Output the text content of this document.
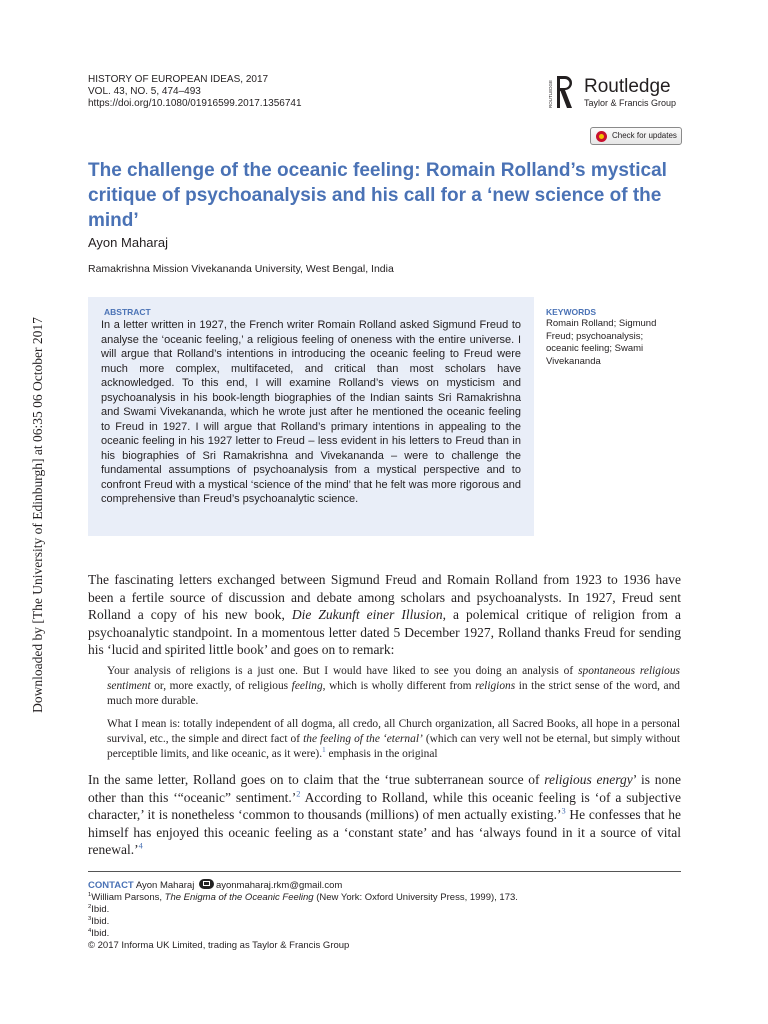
HISTORY OF EUROPEAN IDEAS, 2017
VOL. 43, NO. 5, 474–493
https://doi.org/10.1080/01916599.2017.1356741	ROUTLEDGE Routledge
Taylor & Francis Group
Check for updates
The challenge of the oceanic feeling: Romain Rolland’s mystical critique of psychoanalysis and his call for a ‘new science of the mind’
Ayon Maharaj
Ramakrishna Mission Vivekananda University, West Bengal, India
Downloaded by [The University of Edinburgh] at 06:35 06 October 2017
ABSTRACT
In a letter written in 1927, the French writer Romain Rolland asked Sigmund Freud to analyse the ‘oceanic feeling,’ a religious feeling of oneness with the entire universe. I will argue that Rolland’s intentions in introducing the oceanic feeling to Freud were much more complex, multifaceted, and critical than most scholars have acknowledged. To this end, I will examine Rolland’s views on mysticism and psychoanalysis in his book-length biographies of the Indian saints Sri Ramakrishna and Swami Vivekananda, which he wrote just after he mentioned the oceanic feeling to Freud in 1927. I will argue that Rolland’s primary intentions in appealing to the oceanic feeling in his 1927 letter to Freud – less evident in his letters to Freud than in his biographies of Sri Ramakrishna and Vivekananda – were to challenge the fundamental assumptions of psychoanalysis from a mystical perspective and to confront Freud with a mystical ‘science of the mind’ that he felt was more rigorous and comprehensive than Freud’s psychoanalytic science.
KEYWORDS
Romain Rolland; Sigmund Freud; psychoanalysis; oceanic feeling; Swami Vivekananda

The fascinating letters exchanged between Sigmund Freud and Romain Rolland from 1923 to 1936 have been a fertile source of discussion and debate among scholars and psychoanalysts. In 1927, Freud sent Rolland a copy of his new book, Die Zukunft einer Illusion, a polemical critique of religion from a psychoanalytic standpoint. In a momentous letter dated 5 December 1927, Rolland thanks Freud for sending his ‘lucid and spirited little book’ and goes on to remark:

Your analysis of religions is a just one. But I would have liked to see you doing an analysis of spontaneous religious sentiment or, more exactly, of religious feeling, which is wholly different from religions in the strict sense of the word, and much more durable.

What I mean is: totally independent of all dogma, all credo, all Church organization, all Sacred Books, all hope in a personal survival, etc., the simple and direct fact of the feeling of the ‘eternal’ (which can very well not be eternal, but simply without perceptible limits, and like oceanic, as it were).$^1$ emphasis in the original

In the same letter, Rolland goes on to claim that the ‘true subterranean source of religious energy’ is none other than this ‘“oceanic” sentiment.’$^2$ According to Rolland, while this oceanic feeling is ‘of a subjective character,’ it is nonetheless ‘common to thousands (millions) of men actually existing.’$^3$ He confesses that he himself has enjoyed this oceanic feeling as a ‘constant state’ and has ‘always found in it a source of vital renewal.’$^4$

CONTACT Ayon Maharaj ayonmaharaj.rkm@gmail.com
$^1$William Parsons, The Enigma of the Oceanic Feeling (New York: Oxford University Press, 1999), 173.
$^2$Ibid.
$^3$Ibid.
$^4$Ibid.
© 2017 Informa UK Limited, trading as Taylor & Francis Group
